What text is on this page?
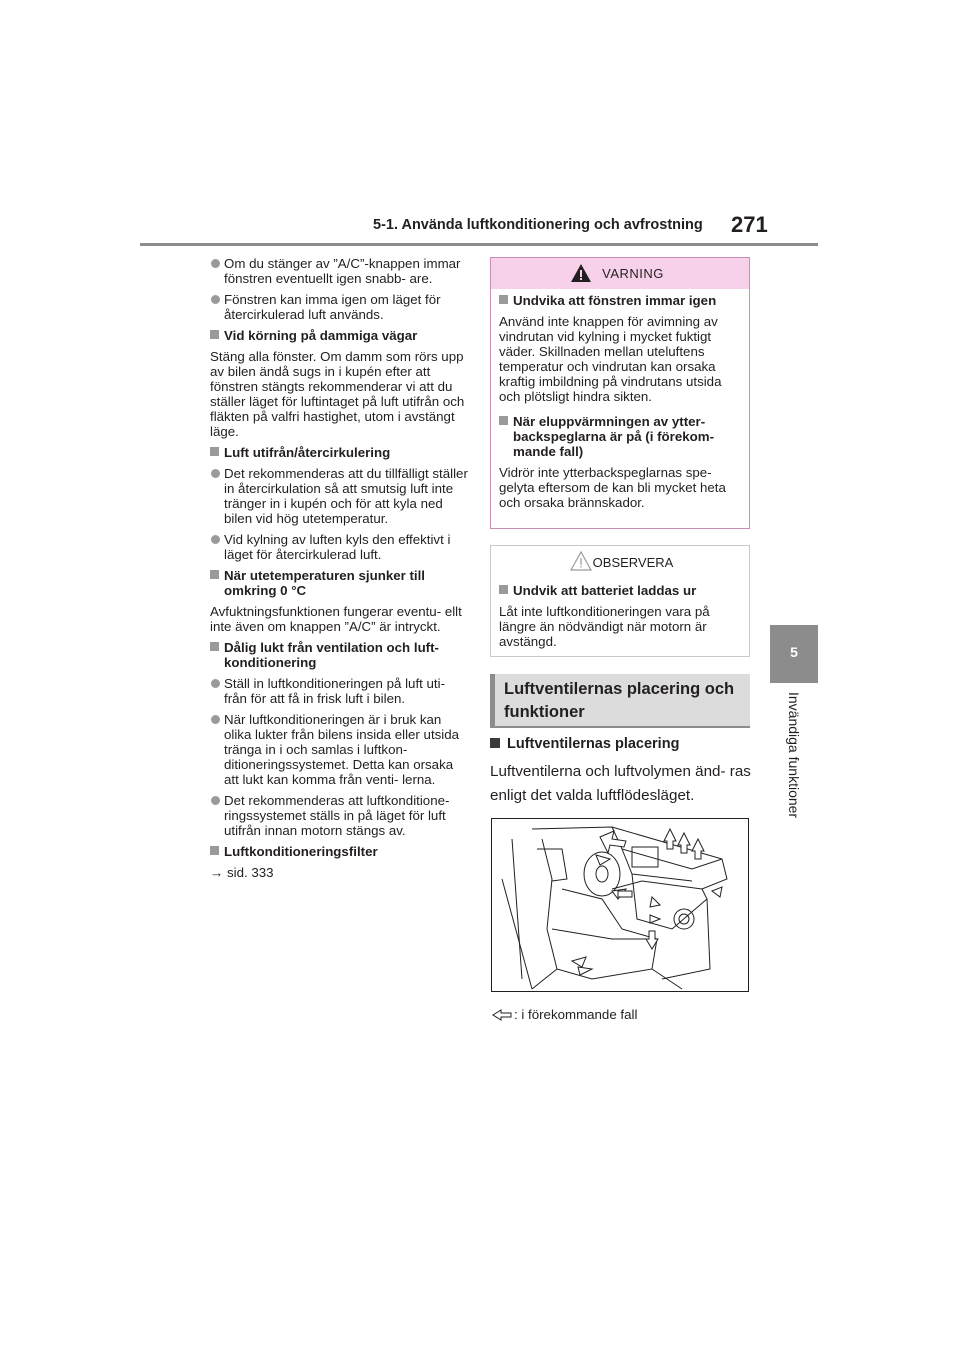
5-1. Använda luftkonditionering och avfrostning 271
5
Invändiga funktioner
Om du stänger av ”A/C”-knappen immar fönstren eventuellt igen snabb- are.
Fönstren kan imma igen om läget för återcirkulerad luft används.
Vid körning på dammiga vägar
Stäng alla fönster. Om damm som rörs upp av bilen ändå sugs in i kupén efter att fönstren stängts rekommenderar vi att du ställer läget för luftintaget på luft utifrån och fläkten på valfri hastighet, utom i avstängt läge.
Luft utifrån/återcirkulering
Det rekommenderas att du tillfälligt ställer in återcirkulation så att smutsig luft inte tränger in i kupén och för att kyla ned bilen vid hög utetemperatur.
Vid kylning av luften kyls den effektivt i läget för återcirkulerad luft.
När utetemperaturen sjunker till omkring 0 °C
Avfuktningsfunktionen fungerar eventu- ellt inte även om knappen ”A/C” är intryckt.
Dålig lukt från ventilation och luft- konditionering
Ställ in luftkonditioneringen på luft uti- från för att få in frisk luft i bilen.
När luftkonditioneringen är i bruk kan olika lukter från bilens insida eller utsida tränga in i och samlas i luftkon- ditioneringssystemet. Detta kan orsaka att lukt kan komma från venti- lerna.
Det rekommenderas att luftkonditione- ringssystemet ställs in på läget för luft utifrån innan motorn stängs av.
Luftkonditioneringsfilter
→ sid. 333
VARNING
Undvika att fönstren immar igen
Använd inte knappen för avimning av vindrutan vid kylning i mycket fuktigt väder. Skillnaden mellan uteluftens temperatur och vindrutan kan orsaka kraftig imbildning på vindrutans utsida och plötsligt hindra sikten.
När eluppvärmningen av ytter- backspeglarna är på (i förekom- mande fall)
Vidrör inte ytterbackspeglarnas spe- gelyta eftersom de kan bli mycket heta och orsaka brännskador.
OBSERVERA
Undvik att batteriet laddas ur
Låt inte luftkonditioneringen vara på längre än nödvändigt när motorn är avstängd.
Luftventilernas placering och funktioner
Luftventilernas placering
Luftventilerna och luftvolymen änd- ras enligt det valda luftflödesläget.
: i förekommande fall
